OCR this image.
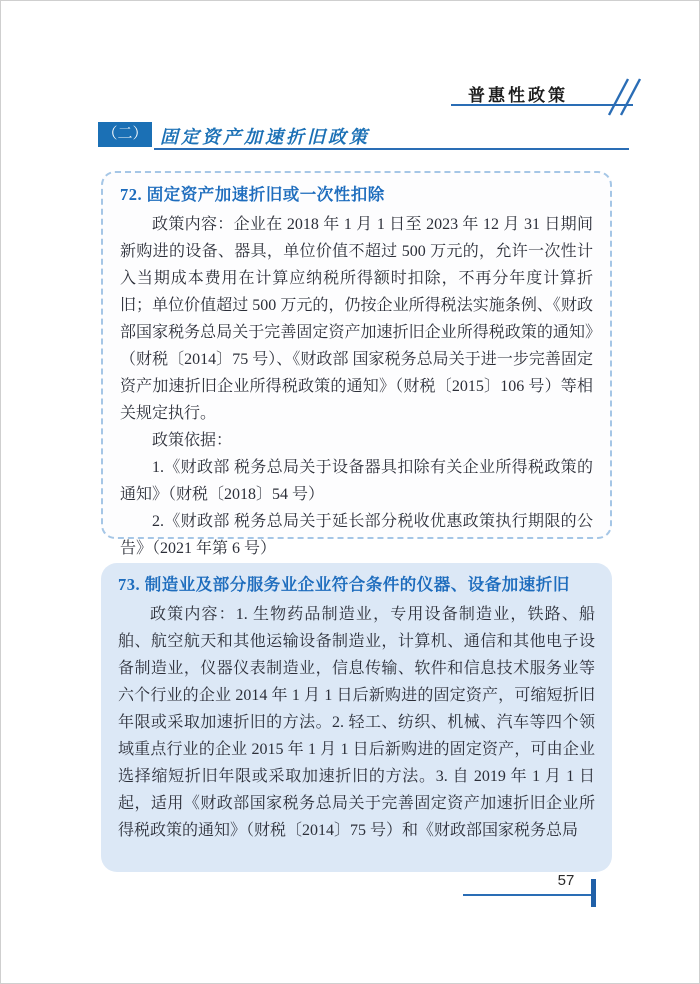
普惠性政策
（二） 固定资产加速折旧政策
72. 固定资产加速折旧或一次性扣除

政策内容：企业在 2018 年 1 月 1 日至 2023 年 12 月 31 日期间新购进的设备、器具，单位价值不超过 500 万元的，允许一次性计入当期成本费用在计算应纳税所得额时扣除，不再分年度计算折旧；单位价值超过 500 万元的，仍按企业所得税法实施条例、《财政部国家税务总局关于完善固定资产加速折旧企业所得税政策的通知》（财税〔2014〕75 号）、《财政部 国家税务总局关于进一步完善固定资产加速折旧企业所得税政策的通知》（财税〔2015〕106 号）等相关规定执行。

政策依据：

1.《财政部 税务总局关于设备器具扣除有关企业所得税政策的通知》（财税〔2018〕54 号）

2.《财政部 税务总局关于延长部分税收优惠政策执行期限的公告》（2021 年第 6 号）

73. 制造业及部分服务业企业符合条件的仪器、设备加速折旧

政策内容：1. 生物药品制造业，专用设备制造业，铁路、船舶、航空航天和其他运输设备制造业，计算机、通信和其他电子设备制造业，仪器仪表制造业，信息传输、软件和信息技术服务业等六个行业的企业 2014 年 1 月 1 日后新购进的固定资产，可缩短折旧年限或采取加速折旧的方法。2. 轻工、纺织、机械、汽车等四个领域重点行业的企业 2015 年 1 月 1 日后新购进的固定资产，可由企业选择缩短折旧年限或采取加速折旧的方法。3. 自 2019 年 1 月 1 日起，适用《财政部国家税务总局关于完善固定资产加速折旧企业所得税政策的通知》（财税〔2014〕75 号）和《财政部国家税务总局

57
